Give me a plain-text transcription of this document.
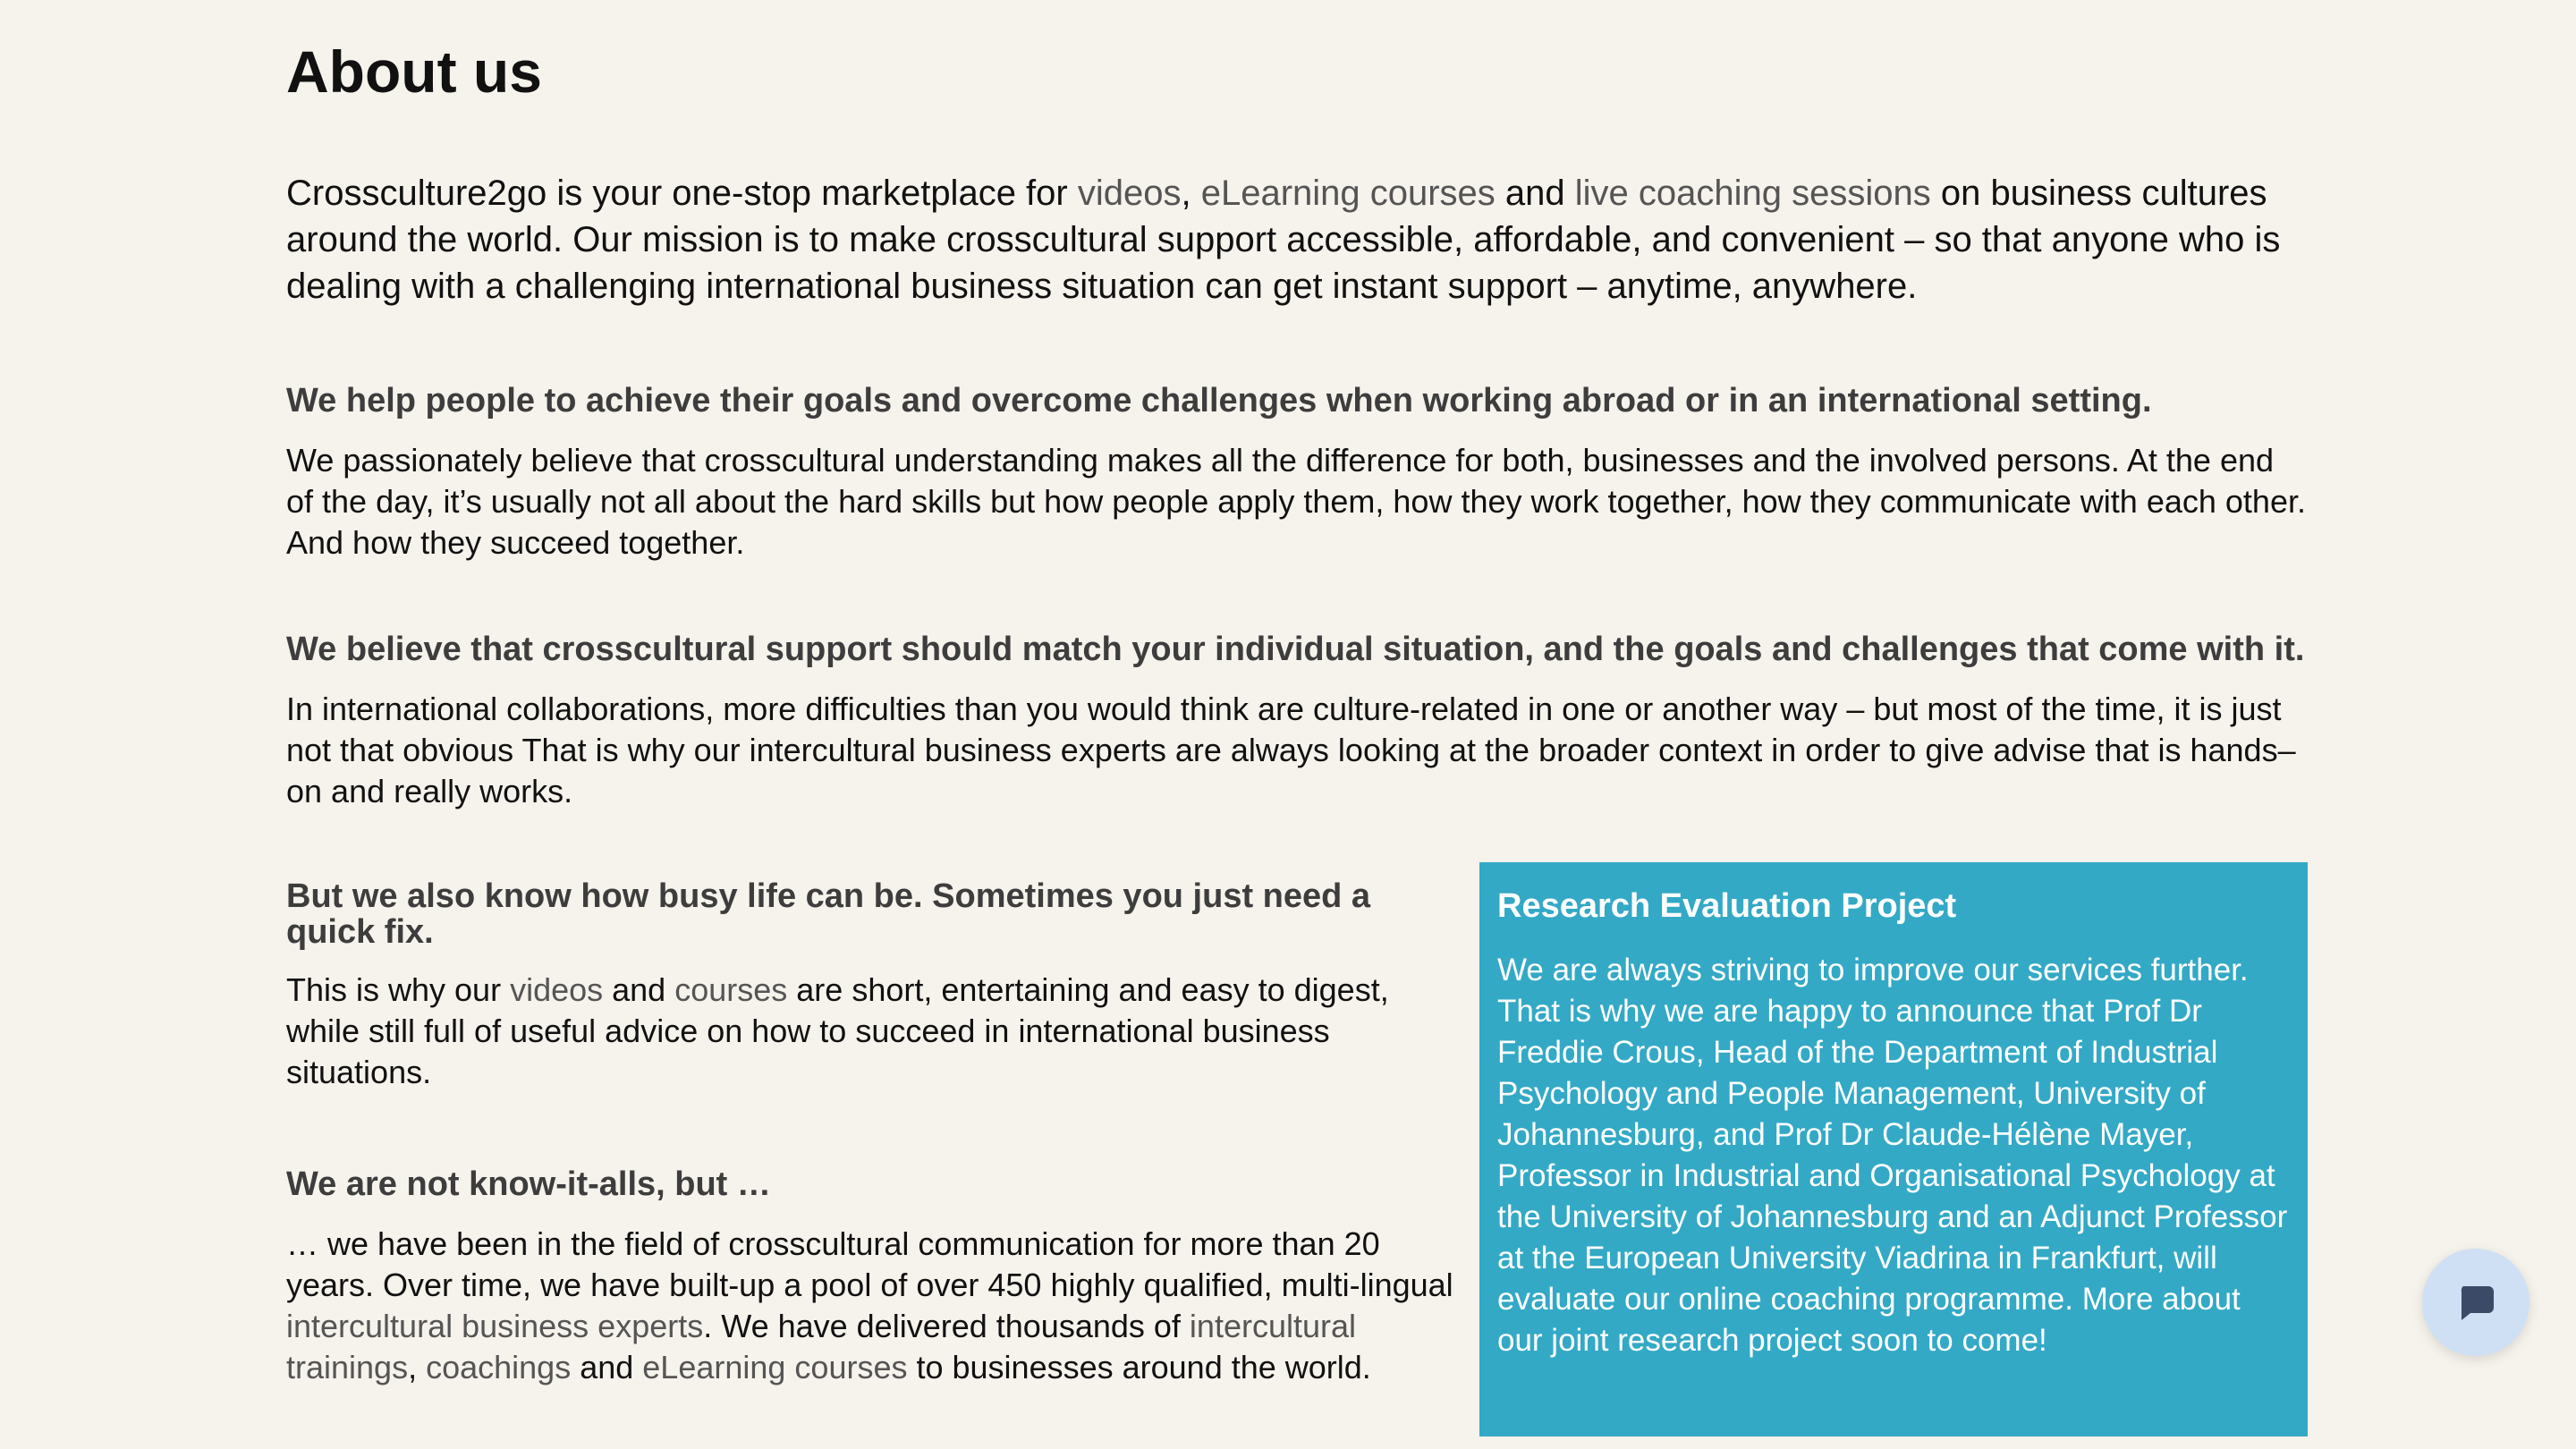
About us
Crossculture2go is your one-stop marketplace for videos, eLearning courses and live coaching sessions on business cultures around the world. Our mission is to make crosscultural support accessible, affordable, and convenient – so that anyone who is dealing with a challenging international business situation can get instant support – anytime, anywhere.
We help people to achieve their goals and overcome challenges when working abroad or in an international setting.

We passionately believe that crosscultural understanding makes all the difference for both, businesses and the involved persons. At the end of the day, it’s usually not all about the hard skills but how people apply them, how they work together, how they communicate with each other. And how they succeed together.

We believe that crosscultural support should match your individual situation, and the goals and challenges that come with it.

In international collaborations, more difficulties than you would think are culture-related in one or another way – but most of the time, it is just not that obvious That is why our intercultural business experts are always looking at the broader context in order to give advise that is hands–on and really works.

But we also know how busy life can be. Sometimes you just need a quick fix.

This is why our videos and courses are short, entertaining and easy to digest, while still full of useful advice on how to succeed in international business situations.

We are not know-it-alls, but …

… we have been in the field of crosscultural communication for more than 20 years. Over time, we have built-up a pool of over 450 highly qualified, multi-lingual intercultural business experts. We have delivered thousands of intercultural trainings, coachings and eLearning courses to businesses around the world.

Research Evaluation Project

We are always striving to improve our services further. That is why we are happy to announce that Prof Dr Freddie Crous, Head of the Department of Industrial Psychology and People Management, University of Johannesburg, and Prof Dr Claude-Hélène Mayer, Professor in Industrial and Organisational Psychology at the University of Johannesburg and an Adjunct Professor at the European University Viadrina in Frankfurt, will evaluate our online coaching programme. More about our joint research project soon to come!
